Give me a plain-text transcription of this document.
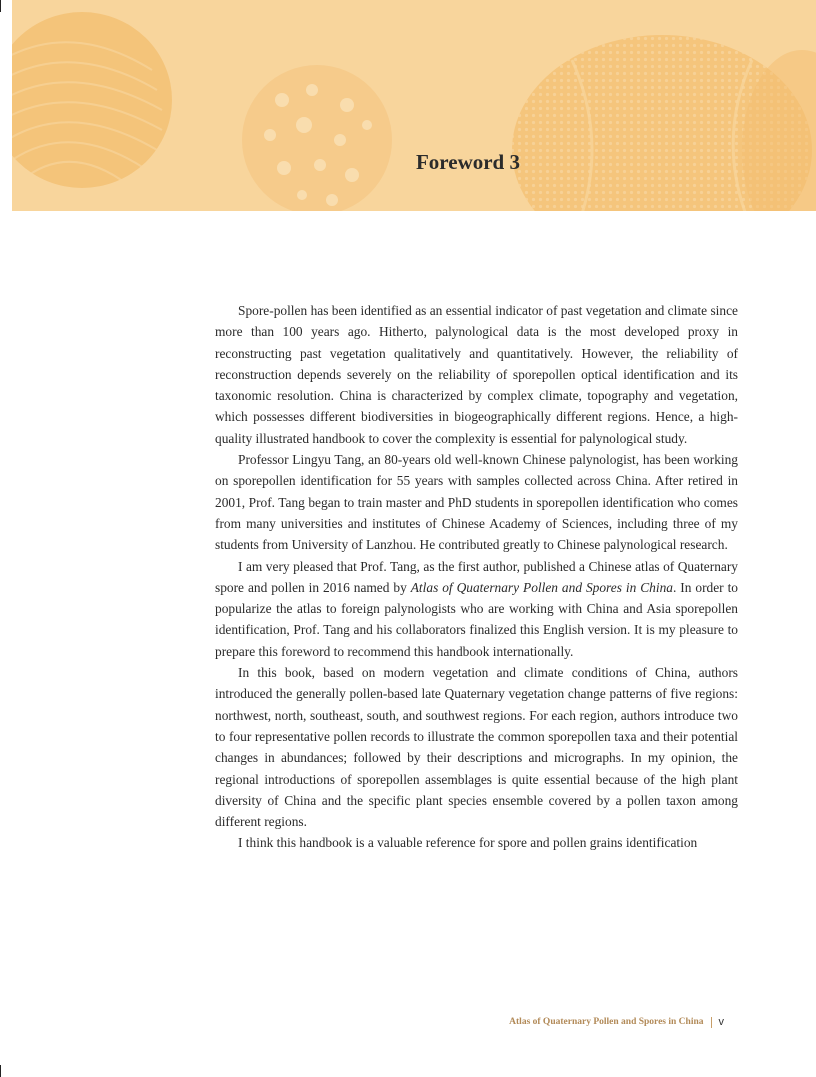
Foreword 3

Spore-pollen has been identified as an essential indicator of past vegetation and climate since more than 100 years ago. Hitherto, palynological data is the most developed proxy in reconstructing past vegetation qualitatively and quantitatively. However, the reliability of reconstruction depends severely on the reliability of sporepollen optical identification and its taxonomic resolution. China is characterized by complex climate, topography and vegetation, which possesses different biodiversities in biogeographically different regions. Hence, a high-quality illustrated handbook to cover the complexity is essential for palynological study.

Professor Lingyu Tang, an 80-years old well-known Chinese palynologist, has been working on sporepollen identification for 55 years with samples collected across China. After retired in 2001, Prof. Tang began to train master and PhD students in sporepollen identification who comes from many universities and institutes of Chinese Academy of Sciences, including three of my students from University of Lanzhou. He contributed greatly to Chinese palynological research.

I am very pleased that Prof. Tang, as the first author, published a Chinese atlas of Quaternary spore and pollen in 2016 named by Atlas of Quaternary Pollen and Spores in China. In order to popularize the atlas to foreign palynologists who are working with China and Asia sporepollen identification, Prof. Tang and his collaborators finalized this English version. It is my pleasure to prepare this foreword to recommend this handbook internationally.

In this book, based on modern vegetation and climate conditions of China, authors introduced the generally pollen-based late Quaternary vegetation change patterns of five regions: northwest, north, southeast, south, and southwest regions. For each region, authors introduce two to four representative pollen records to illustrate the common sporepollen taxa and their potential changes in abundances; followed by their descriptions and micrographs. In my opinion, the regional introductions of sporepollen assemblages is quite essential because of the high plant diversity of China and the specific plant species ensemble covered by a pollen taxon among different regions.

I think this handbook is a valuable reference for spore and pollen grains identification

Atlas of Quaternary Pollen and Spores in China v
